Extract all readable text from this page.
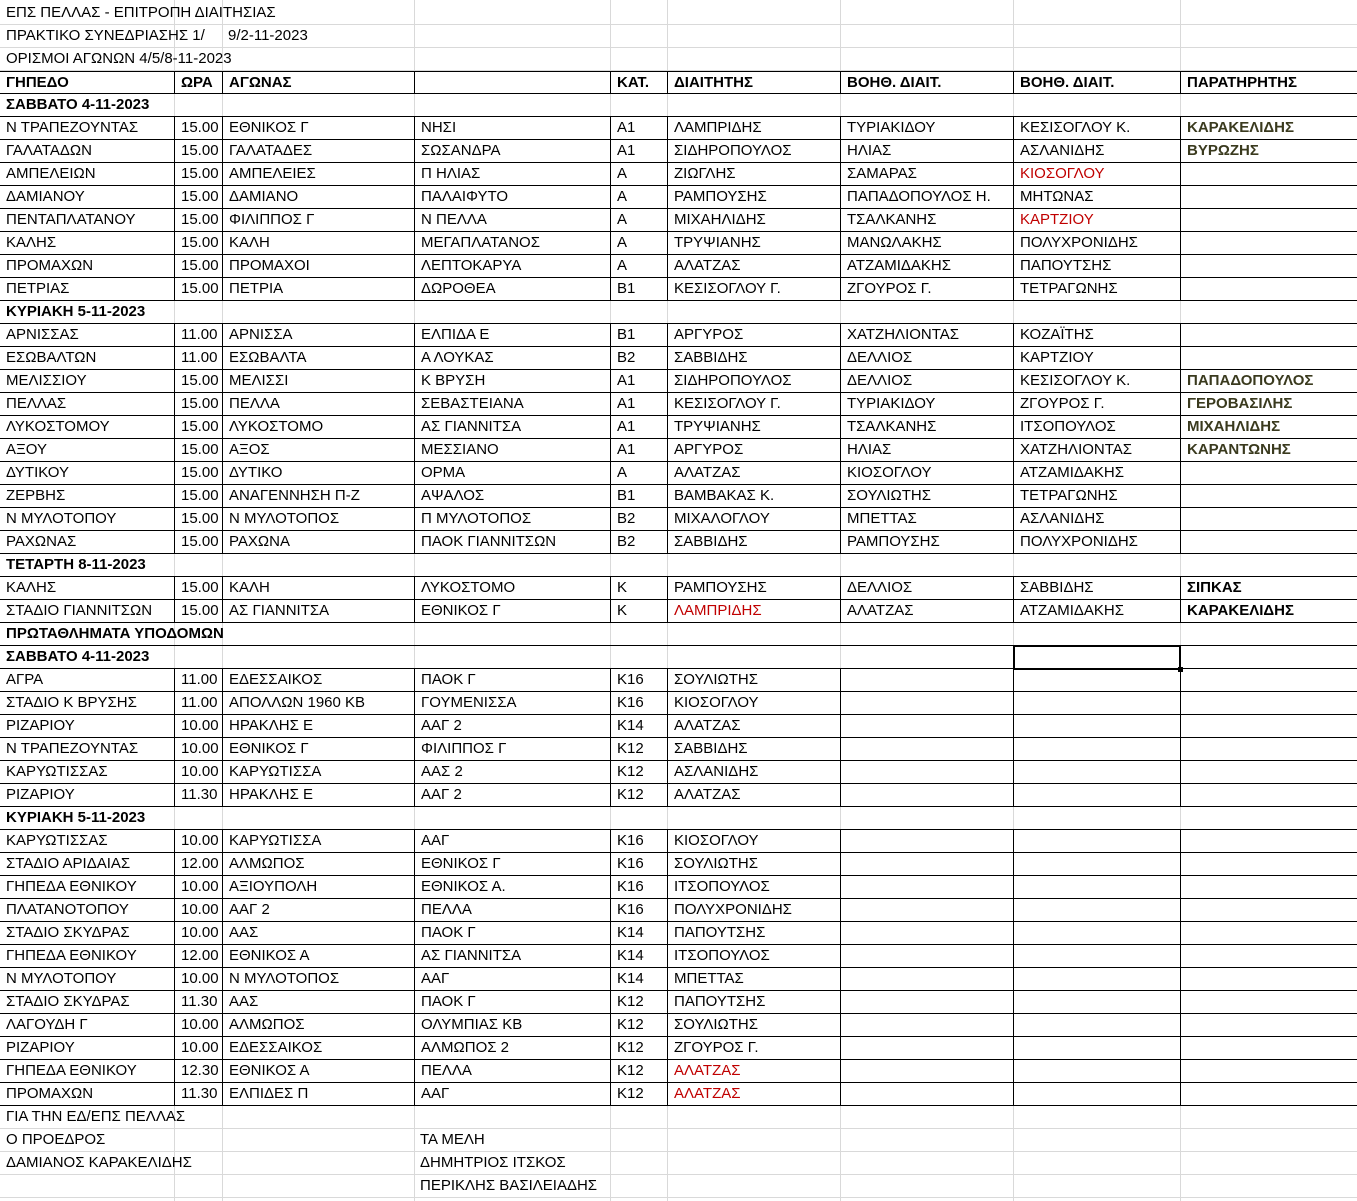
ΕΠΣ ΠΕΛΛΑΣ - ΕΠΙΤΡΟΠΗ ΔΙΑΙΤΗΣΙΑΣ
ΠΡΑΚΤΙΚΟ ΣΥΝΕΔΡΙΑΣΗΣ 1/	9/2-11-2023
ΟΡΙΣΜΟΙ ΑΓΩΝΩΝ 4/5/8-11-2023
ΓΗΠΕΔΟ	ΩΡΑ	ΑΓΩΝΑΣ	ΚΑΤ.	ΔΙΑΙΤΗΤΗΣ	ΒΟΗΘ. ΔΙΑΙΤ.	ΒΟΗΘ. ΔΙΑΙΤ.	ΠΑΡΑΤΗΡΗΤΗΣ
ΣΑΒΒΑΤΟ 4-11-2023
Ν ΤΡΑΠΕΖΟΥΝΤΑΣ	15.00 ΕΘΝΙΚΟΣ Γ	ΝΗΣΙ	Α1	ΛΑΜΠΡΙΔΗΣ	ΤΥΡΙΑΚΙΔΟΥ	ΚΕΣΙΣΟΓΛΟΥ Κ.	ΚΑΡΑΚΕΛΙΔΗΣ
ΓΑΛΑΤΑΔΩΝ	15.00 ΓΑΛΑΤΑΔΕΣ	ΣΩΣΑΝΔΡΑ	Α1	ΣΙΔΗΡΟΠΟΥΛΟΣ	ΗΛΙΑΣ	ΑΣΛΑΝΙΔΗΣ	ΒΥΡΩΖΗΣ
ΑΜΠΕΛΕΙΩΝ	15.00 ΑΜΠΕΛΕΙΕΣ	Π ΗΛΙΑΣ	Α	ΖΙΩΓΛΗΣ	ΣΑΜΑΡΑΣ	ΚΙΟΣΟΓΛΟΥ
ΔΑΜΙΑΝΟΥ	15.00 ΔΑΜΙΑΝΟ	ΠΑΛΑΙΦΥΤΟ	Α	ΡΑΜΠΟΥΣΗΣ	ΠΑΠΑΔΟΠΟΥΛΟΣ Η.	ΜΗΤΩΝΑΣ
ΠΕΝΤΑΠΛΑΤΑΝΟΥ	15.00 ΦΙΛΙΠΠΟΣ Γ	Ν ΠΕΛΛΑ	Α	ΜΙΧΑΗΛΙΔΗΣ	ΤΣΑΛΚΑΝΗΣ	ΚΑΡΤΖΙΟΥ
ΚΑΛΗΣ	15.00 ΚΑΛΗ	ΜΕΓΑΠΛΑΤΑΝΟΣ	Α	ΤΡΥΨΙΑΝΗΣ	ΜΑΝΩΛΑΚΗΣ	ΠΟΛΥΧΡΟΝΙΔΗΣ
ΠΡΟΜΑΧΩΝ	15.00 ΠΡΟΜΑΧΟΙ	ΛΕΠΤΟΚΑΡΥΑ	Α	ΑΛΑΤΖΑΣ	ΑΤΖΑΜΙΔΑΚΗΣ	ΠΑΠΟΥΤΣΗΣ
ΠΕΤΡΙΑΣ	15.00 ΠΕΤΡΙΑ	ΔΩΡΟΘΕΑ	Β1	ΚΕΣΙΣΟΓΛΟΥ Γ.	ΖΓΟΥΡΟΣ Γ.	ΤΕΤΡΑΓΩΝΗΣ
ΚΥΡΙΑΚΗ 5-11-2023
ΑΡΝΙΣΣΑΣ	11.00 ΑΡΝΙΣΣΑ	ΕΛΠΙΔΑ Ε	Β1	ΑΡΓΥΡΟΣ	ΧΑΤΖΗΛΙΟΝΤΑΣ	ΚΟΖΑΪΤΗΣ
ΕΣΩΒΑΛΤΩΝ	11.00 ΕΣΩΒΑΛΤΑ	Α ΛΟΥΚΑΣ	Β2	ΣΑΒΒΙΔΗΣ	ΔΕΛΛΙΟΣ	ΚΑΡΤΖΙΟΥ
ΜΕΛΙΣΣΙΟΥ	15.00 ΜΕΛΙΣΣΙ	Κ ΒΡΥΣΗ	Α1	ΣΙΔΗΡΟΠΟΥΛΟΣ	ΔΕΛΛΙΟΣ	ΚΕΣΙΣΟΓΛΟΥ Κ.	ΠΑΠΑΔΟΠΟΥΛΟΣ
ΠΕΛΛΑΣ	15.00 ΠΕΛΛΑ	ΣΕΒΑΣΤΕΙΑΝΑ	Α1	ΚΕΣΙΣΟΓΛΟΥ Γ.	ΤΥΡΙΑΚΙΔΟΥ	ΖΓΟΥΡΟΣ Γ.	ΓΕΡΟΒΑΣΙΛΗΣ
ΛΥΚΟΣΤΟΜΟΥ	15.00 ΛΥΚΟΣΤΟΜΟ	ΑΣ ΓΙΑΝΝΙΤΣΑ	Α1	ΤΡΥΨΙΑΝΗΣ	ΤΣΑΛΚΑΝΗΣ	ΙΤΣΟΠΟΥΛΟΣ	ΜΙΧΑΗΛΙΔΗΣ
ΑΞΟΥ	15.00 ΑΞΟΣ	ΜΕΣΣΙΑΝΟ	Α1	ΑΡΓΥΡΟΣ	ΗΛΙΑΣ	ΧΑΤΖΗΛΙΟΝΤΑΣ	ΚΑΡΑΝΤΩΝΗΣ
ΔΥΤΙΚΟΥ	15.00 ΔΥΤΙΚΟ	ΟΡΜΑ	Α	ΑΛΑΤΖΑΣ	ΚΙΟΣΟΓΛΟΥ	ΑΤΖΑΜΙΔΑΚΗΣ
ΖΕΡΒΗΣ	15.00 ΑΝΑΓΕΝΝΗΣΗ Π-Ζ	ΑΨΑΛΟΣ	Β1	ΒΑΜΒΑΚΑΣ Κ.	ΣΟΥΛΙΩΤΗΣ	ΤΕΤΡΑΓΩΝΗΣ
Ν ΜΥΛΟΤΟΠΟΥ	15.00 Ν ΜΥΛΟΤΟΠΟΣ	Π ΜΥΛΟΤΟΠΟΣ	Β2	ΜΙΧΑΛΟΓΛΟΥ	ΜΠΕΤΤΑΣ	ΑΣΛΑΝΙΔΗΣ
ΡΑΧΩΝΑΣ	15.00 ΡΑΧΩΝΑ	ΠΑΟΚ ΓΙΑΝΝΙΤΣΩΝ	Β2	ΣΑΒΒΙΔΗΣ	ΡΑΜΠΟΥΣΗΣ	ΠΟΛΥΧΡΟΝΙΔΗΣ
ΤΕΤΑΡΤΗ 8-11-2023
ΚΑΛΗΣ	15.00 ΚΑΛΗ	ΛΥΚΟΣΤΟΜΟ	Κ	ΡΑΜΠΟΥΣΗΣ	ΔΕΛΛΙΟΣ	ΣΑΒΒΙΔΗΣ	ΣΙΠΚΑΣ
ΣΤΑΔΙΟ ΓΙΑΝΝΙΤΣΩΝ	15.00 ΑΣ ΓΙΑΝΝΙΤΣΑ	ΕΘΝΙΚΟΣ Γ	Κ	ΛΑΜΠΡΙΔΗΣ	ΑΛΑΤΖΑΣ	ΑΤΖΑΜΙΔΑΚΗΣ	ΚΑΡΑΚΕΛΙΔΗΣ
ΠΡΩΤΑΘΛΗΜΑΤΑ ΥΠΟΔΟΜΩΝ
ΣΑΒΒΑΤΟ 4-11-2023
ΑΓΡΑ	11.00 ΕΔΕΣΣΑΙΚΟΣ	ΠΑΟΚ Γ	Κ16	ΣΟΥΛΙΩΤΗΣ
ΣΤΑΔΙΟ Κ ΒΡΥΣΗΣ	11.00 ΑΠΟΛΛΩΝ 1960 ΚΒ	ΓΟΥΜΕΝΙΣΣΑ	Κ16	ΚΙΟΣΟΓΛΟΥ
ΡΙΖΑΡΙΟΥ	10.00 ΗΡΑΚΛΗΣ Ε	ΑΑΓ 2	Κ14	ΑΛΑΤΖΑΣ
Ν ΤΡΑΠΕΖΟΥΝΤΑΣ	10.00 ΕΘΝΙΚΟΣ Γ	ΦΙΛΙΠΠΟΣ Γ	Κ12	ΣΑΒΒΙΔΗΣ
ΚΑΡΥΩΤΙΣΣΑΣ	10.00 ΚΑΡΥΩΤΙΣΣΑ	ΑΑΣ 2	Κ12	ΑΣΛΑΝΙΔΗΣ
ΡΙΖΑΡΙΟΥ	11.30 ΗΡΑΚΛΗΣ Ε	ΑΑΓ 2	Κ12	ΑΛΑΤΖΑΣ
ΚΥΡΙΑΚΗ 5-11-2023
ΚΑΡΥΩΤΙΣΣΑΣ	10.00 ΚΑΡΥΩΤΙΣΣΑ	ΑΑΓ	Κ16	ΚΙΟΣΟΓΛΟΥ
ΣΤΑΔΙΟ ΑΡΙΔΑΙΑΣ	12.00 ΑΛΜΩΠΟΣ	ΕΘΝΙΚΟΣ Γ	Κ16	ΣΟΥΛΙΩΤΗΣ
ΓΗΠΕΔΑ ΕΘΝΙΚΟΥ	10.00 ΑΞΙΟΥΠΟΛΗ	ΕΘΝΙΚΟΣ Α.	Κ16	ΙΤΣΟΠΟΥΛΟΣ
ΠΛΑΤΑΝΟΤΟΠΟΥ	10.00 ΑΑΓ 2	ΠΕΛΛΑ	Κ16	ΠΟΛΥΧΡΟΝΙΔΗΣ
ΣΤΑΔΙΟ ΣΚΥΔΡΑΣ	10.00 ΑΑΣ	ΠΑΟΚ Γ	Κ14	ΠΑΠΟΥΤΣΗΣ
ΓΗΠΕΔΑ ΕΘΝΙΚΟΥ	12.00 ΕΘΝΙΚΟΣ Α	ΑΣ ΓΙΑΝΝΙΤΣΑ	Κ14	ΙΤΣΟΠΟΥΛΟΣ
Ν ΜΥΛΟΤΟΠΟΥ	10.00 Ν ΜΥΛΟΤΟΠΟΣ	ΑΑΓ	Κ14	ΜΠΕΤΤΑΣ
ΣΤΑΔΙΟ ΣΚΥΔΡΑΣ	11.30 ΑΑΣ	ΠΑΟΚ Γ	Κ12	ΠΑΠΟΥΤΣΗΣ
ΛΑΓΟΥΔΗ Γ	10.00 ΑΛΜΩΠΟΣ	ΟΛΥΜΠΙΑΣ ΚΒ	Κ12	ΣΟΥΛΙΩΤΗΣ
ΡΙΖΑΡΙΟΥ	10.00 ΕΔΕΣΣΑΙΚΟΣ	ΑΛΜΩΠΟΣ 2	Κ12	ΖΓΟΥΡΟΣ Γ.
ΓΗΠΕΔΑ ΕΘΝΙΚΟΥ	12.30 ΕΘΝΙΚΟΣ Α	ΠΕΛΛΑ	Κ12	ΑΛΑΤΖΑΣ
ΠΡΟΜΑΧΩΝ	11.30 ΕΛΠΙΔΕΣ Π	ΑΑΓ	Κ12	ΑΛΑΤΖΑΣ
ΓΙΑ ΤΗΝ ΕΔ/ΕΠΣ ΠΕΛΛΑΣ
Ο ΠΡΟΕΔΡΟΣ	ΤΑ ΜΕΛΗ
ΔΑΜΙΑΝΟΣ ΚΑΡΑΚΕΛΙΔΗΣ	ΔΗΜΗΤΡΙΟΣ ΙΤΣΚΟΣ
ΠΕΡΙΚΛΗΣ ΒΑΣΙΛΕΙΑΔΗΣ
